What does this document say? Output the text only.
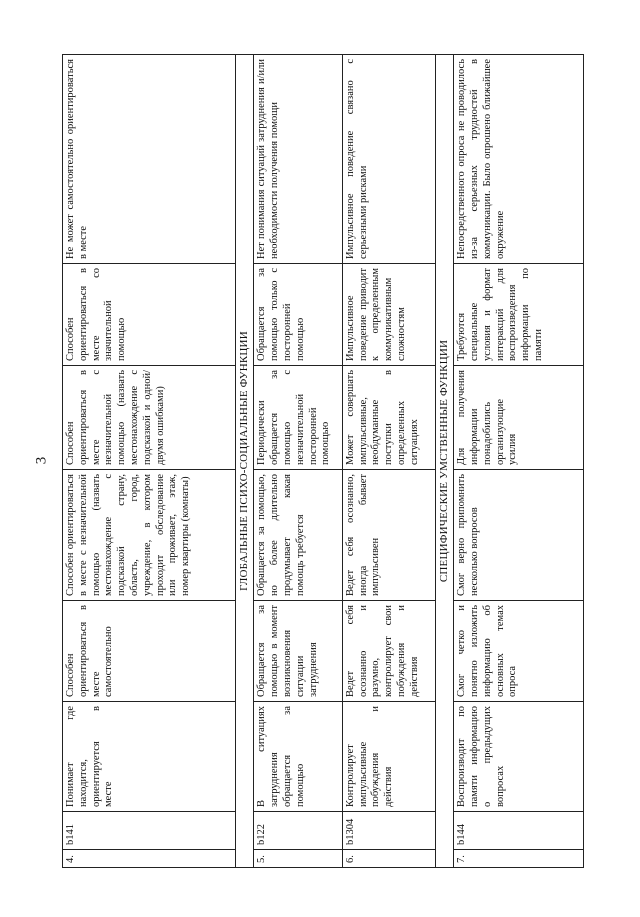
3
4.	b141	Понимает где находится, ориентируется в месте	Способен ориентироваться в месте самостоятельно	Способен ориентироваться в месте с незначительной помощью (назвать местонахождение с подсказкой страну, область, город, учреждение, в котором проходит обследование или проживает, этаж, номер квартиры (комнаты)	Способен ориентироваться в месте с незначительной помощью (назвать местонахождение с подсказкой и одной/двумя ошибками)	Способен ориентироваться в месте со значительной помощью	Не может самостоятельно ориентироваться в месте
ГЛОБАЛЬНЫЕ ПСИХО-СОЦИАЛЬНЫЕ ФУНКЦИИ							
5.	b122	В ситуациях затруднения обращается за помощью	Обращается за помощью в момент возникновения ситуации затруднения	Обращается за помощью, но более длительно продумывает какая помощь требуется	Периодически обращается за помощью с незначительной посторонней помощью	Обращается за помощью только с посторонней помощью	Нет понимания ситуаций затруднения и/или необходимости получения помощи
6.	b1304	Контролирует импульсивные побуждения и действия	Ведет себя осознанно и разумно, контролирует свои побуждения и действия	Ведет себя осознанно, иногда бывает импульсивен	Может совершать импульсивные, необдуманные поступки в определенных ситуациях	Импульсивное поведение приводит к определенным коммуникативным сложностям	Импульсивное поведение связано с серьезными рисками
СПЕЦИФИЧЕСКИЕ УМСТВЕННЫЕ ФУНКЦИИ							
7.	b144	Воспроизводит по памяти информацию о предыдущих вопросах	Смог четко и понятно изложить информацию об основных темах опроса	Смог верно припомнить несколько вопросов	Для получения информации понадобились организующие усилия	Требуются специальные условия и формат интеракций для воспроизведения информации по памяти	Непосредственного опроса не проводилось из-за серьезных трудностей в коммуникации. Было опрошено ближайшее окружение
